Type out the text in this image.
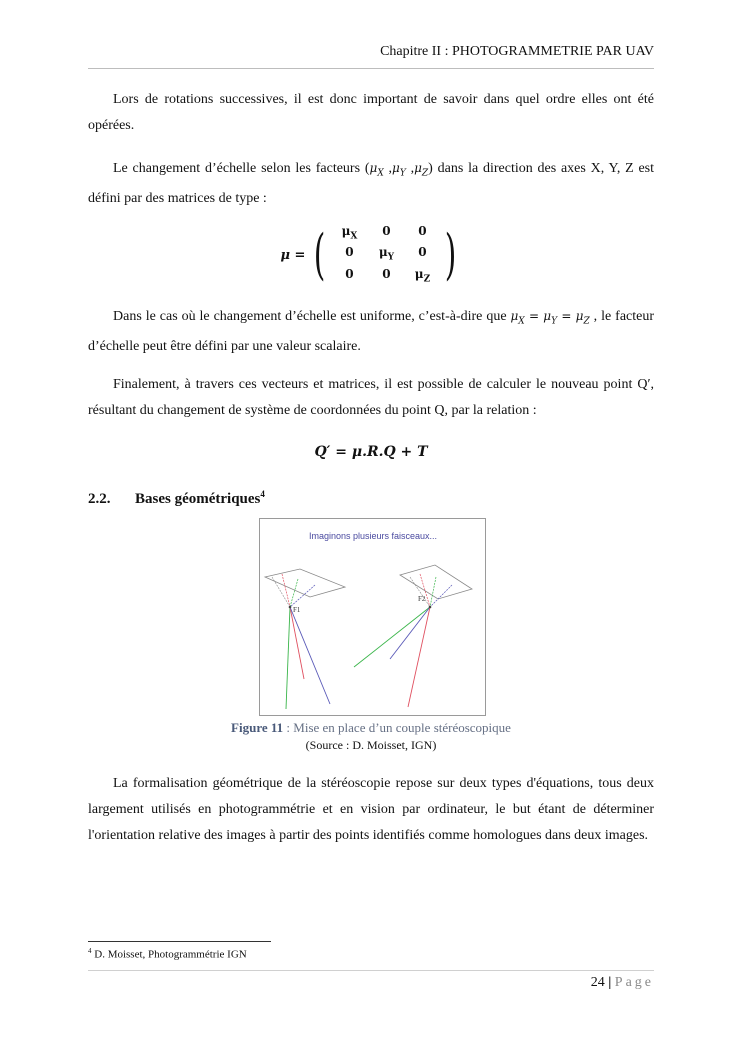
Chapitre II : PHOTOGRAMMETRIE PAR UAV
Lors de rotations successives, il est donc important de savoir dans quel ordre elles ont été opérées.
Le changement d’échelle selon les facteurs ($\mu_X$ $,\mu_Y$ $,\mu_Z$) dans la direction des axes X, Y, Z est défini par des matrices de type :
μ = (	$\mu_X$	0	0
0	$\mu_Y$	0
0	0	$\mu_Z$ )
Dans le cas où le changement d’échelle est uniforme, c’est-à-dire que $\mu_X = \mu_Y = \mu_Z$ , le facteur d’échelle peut être défini par une valeur scalaire.
Finalement, à travers ces vecteurs et matrices, il est possible de calculer le nouveau point Q′, résultant du changement de système de coordonnées du point Q, par la relation :
Q′ = μ.R.Q + T
2.2. Bases géométriques$^4$
Imaginons plusieurs faisceaux...
F1
F2
Figure 11 : Mise en place d’un couple stéréoscopique
(Source : D. Moisset, IGN)
La formalisation géométrique de la stéréoscopie repose sur deux types d'équations, tous deux largement utilisés en photogrammétrie et en vision par ordinateur, le but étant de déterminer l'orientation relative des images à partir des points identifiés comme homologues dans deux images.
$^4$ D. Moisset, Photogrammétrie IGN
24 | Page
